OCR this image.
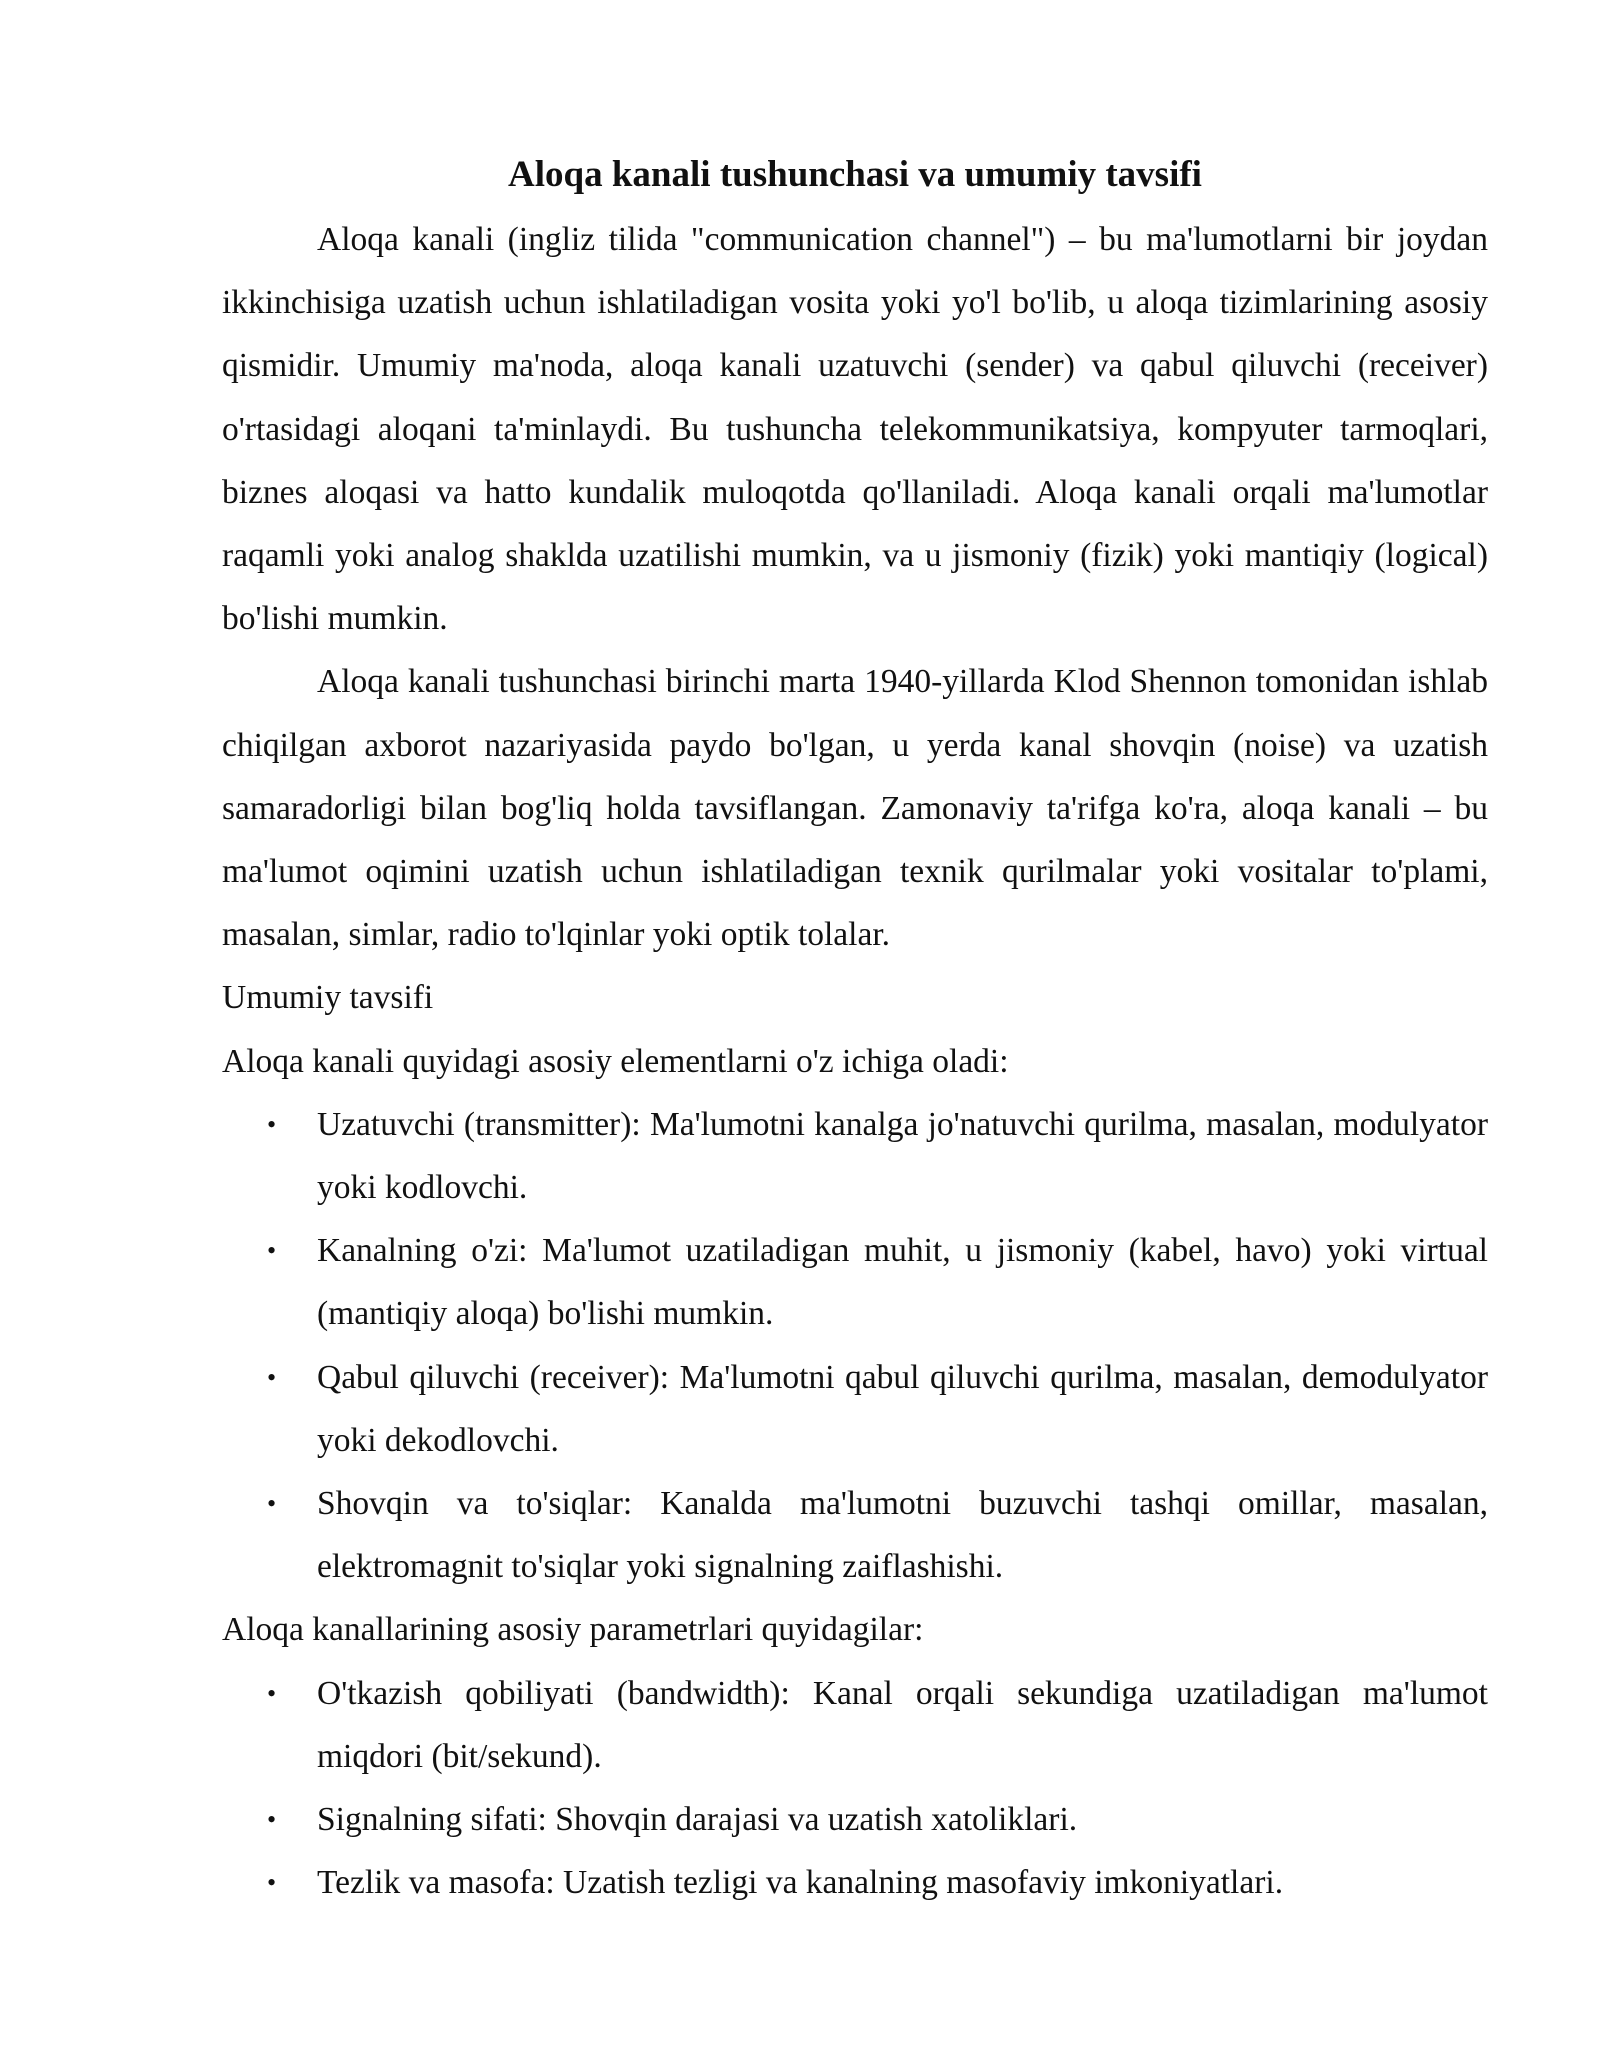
Aloqa kanali tushunchasi va umumiy tavsifi

Aloqa kanali (ingliz tilida "communication channel") – bu ma'lumotlarni bir joydan ikkinchisiga uzatish uchun ishlatiladigan vosita yoki yo'l bo'lib, u aloqa tizimlarining asosiy qismidir. Umumiy ma'noda, aloqa kanali uzatuvchi (sender) va qabul qiluvchi (receiver) o'rtasidagi aloqani ta'minlaydi. Bu tushuncha telekommunikatsiya, kompyuter tarmoqlari, biznes aloqasi va hatto kundalik muloqotda qo'llaniladi. Aloqa kanali orqali ma'lumotlar raqamli yoki analog shaklda uzatilishi mumkin, va u jismoniy (fizik) yoki mantiqiy (logical) bo'lishi mumkin.

Aloqa kanali tushunchasi birinchi marta 1940-yillarda Klod Shennon tomonidan ishlab chiqilgan axborot nazariyasida paydo bo'lgan, u yerda kanal shovqin (noise) va uzatish samaradorligi bilan bog'liq holda tavsiflangan. Zamonaviy ta'rifga ko'ra, aloqa kanali – bu ma'lumot oqimini uzatish uchun ishlatiladigan texnik qurilmalar yoki vositalar to'plami, masalan, simlar, radio to'lqinlar yoki optik tolalar.

Umumiy tavsifi

Aloqa kanali quyidagi asosiy elementlarni o'z ichiga oladi:

• Uzatuvchi (transmitter): Ma'lumotni kanalga jo'natuvchi qurilma, masalan, modulyator yoki kodlovchi.
• Kanalning o'zi: Ma'lumot uzatiladigan muhit, u jismoniy (kabel, havo) yoki virtual (mantiqiy aloqa) bo'lishi mumkin.
• Qabul qiluvchi (receiver): Ma'lumotni qabul qiluvchi qurilma, masalan, demodulyator yoki dekodlovchi.
• Shovqin va to'siqlar: Kanalda ma'lumotni buzuvchi tashqi omillar, masalan, elektromagnit to'siqlar yoki signalning zaiflashishi.

Aloqa kanallarining asosiy parametrlari quyidagilar:

• O'tkazish qobiliyati (bandwidth): Kanal orqali sekundiga uzatiladigan ma'lumot miqdori (bit/sekund).
• Signalning sifati: Shovqin darajasi va uzatish xatoliklari.
• Tezlik va masofa: Uzatish tezligi va kanalning masofaviy imkoniyatlari.
